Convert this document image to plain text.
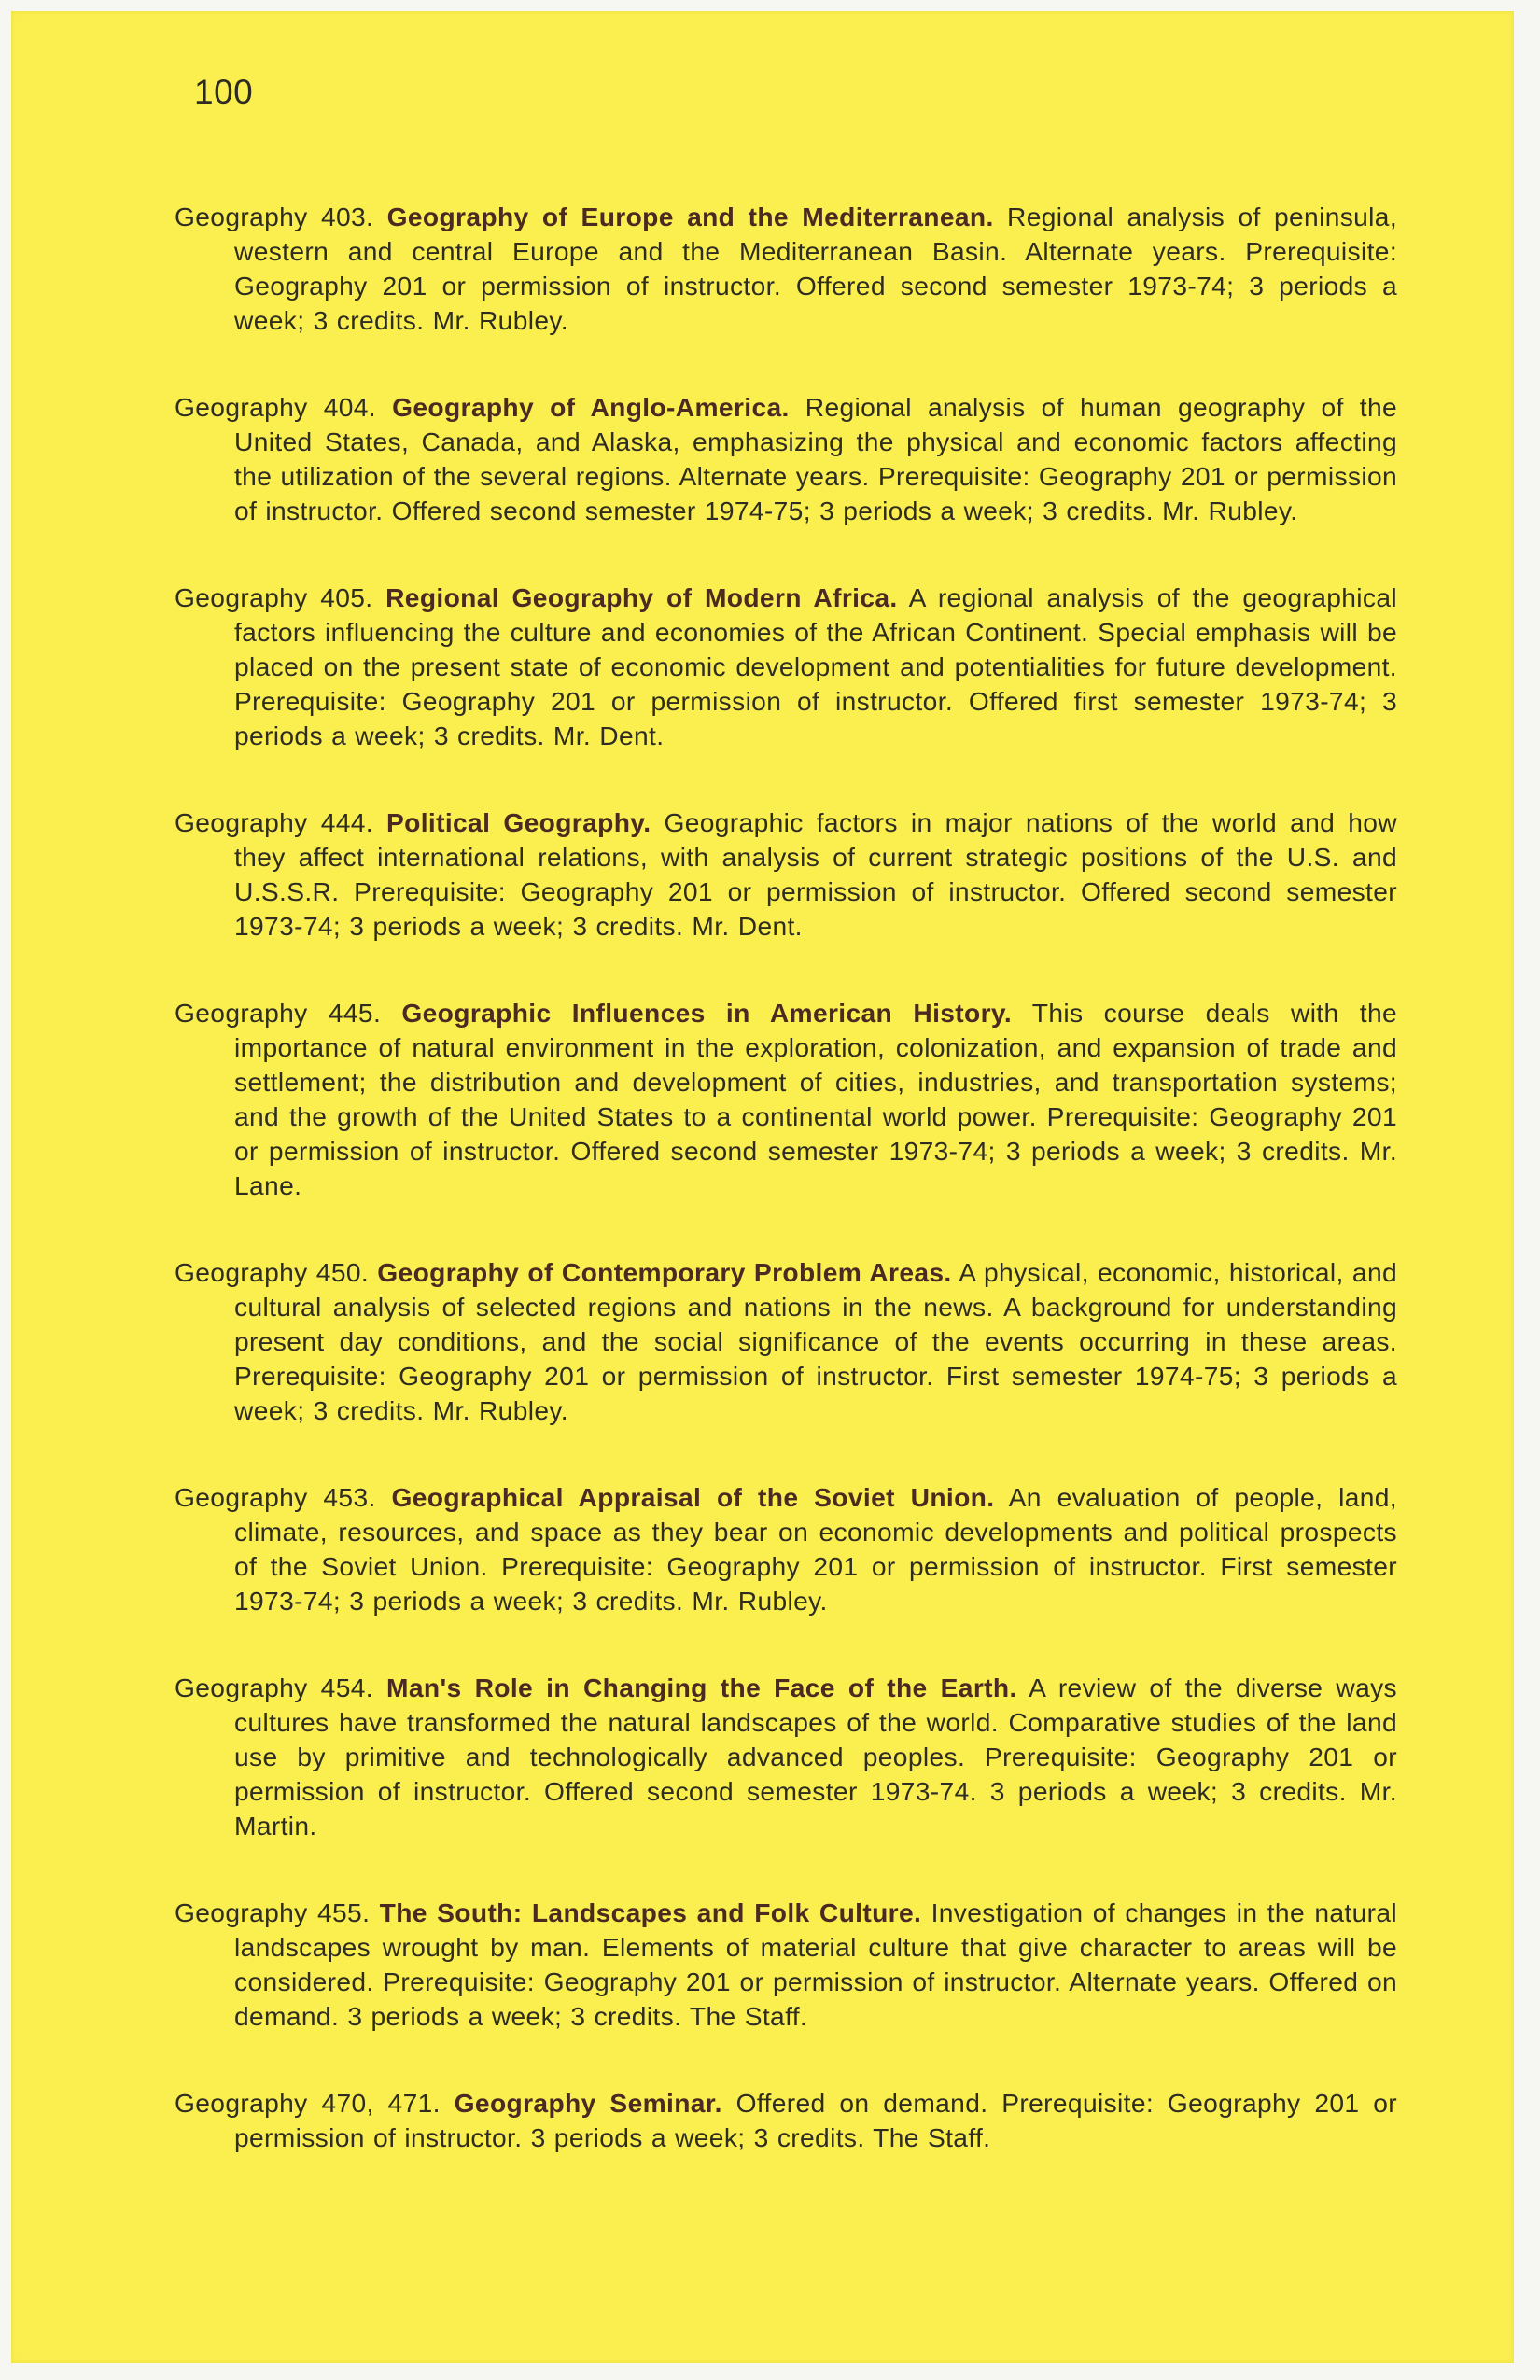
100

Geography 403. Geography of Europe and the Mediterranean. Regional analysis of peninsula, western and central Europe and the Mediterranean Basin. Alternate years. Prerequisite: Geography 201 or permission of instructor. Offered second semester 1973-74; 3 periods a week; 3 credits. Mr. Rubley.

Geography 404. Geography of Anglo-America. Regional analysis of human geography of the United States, Canada, and Alaska, emphasizing the physical and economic factors affecting the utilization of the several regions. Alternate years. Prerequisite: Geography 201 or permission of instructor. Offered second semester 1974-75; 3 periods a week; 3 credits. Mr. Rubley.

Geography 405. Regional Geography of Modern Africa. A regional analysis of the geographical factors influencing the culture and economies of the African Continent. Special emphasis will be placed on the present state of economic development and potentialities for future development. Prerequisite: Geography 201 or permission of instructor. Offered first semester 1973-74; 3 periods a week; 3 credits. Mr. Dent.

Geography 444. Political Geography. Geographic factors in major nations of the world and how they affect international relations, with analysis of current strategic positions of the U.S. and U.S.S.R. Prerequisite: Geography 201 or permission of instructor. Offered second semester 1973-74; 3 periods a week; 3 credits. Mr. Dent.

Geography 445. Geographic Influences in American History. This course deals with the importance of natural environment in the exploration, colonization, and expansion of trade and settlement; the distribution and development of cities, industries, and transportation systems; and the growth of the United States to a continental world power. Prerequisite: Geography 201 or permission of instructor. Offered second semester 1973-74; 3 periods a week; 3 credits. Mr. Lane.

Geography 450. Geography of Contemporary Problem Areas. A physical, economic, historical, and cultural analysis of selected regions and nations in the news. A background for understanding present day conditions, and the social significance of the events occurring in these areas. Prerequisite: Geography 201 or permission of instructor. First semester 1974-75; 3 periods a week; 3 credits. Mr. Rubley.

Geography 453. Geographical Appraisal of the Soviet Union. An evaluation of people, land, climate, resources, and space as they bear on economic developments and political prospects of the Soviet Union. Prerequisite: Geography 201 or permission of instructor. First semester 1973-74; 3 periods a week; 3 credits. Mr. Rubley.

Geography 454. Man's Role in Changing the Face of the Earth. A review of the diverse ways cultures have transformed the natural landscapes of the world. Comparative studies of the land use by primitive and technologically advanced peoples. Prerequisite: Geography 201 or permission of instructor. Offered second semester 1973-74. 3 periods a week; 3 credits. Mr. Martin.

Geography 455. The South: Landscapes and Folk Culture. Investigation of changes in the natural landscapes wrought by man. Elements of material culture that give character to areas will be considered. Prerequisite: Geography 201 or permission of instructor. Alternate years. Offered on demand. 3 periods a week; 3 credits. The Staff.

Geography 470, 471. Geography Seminar. Offered on demand. Prerequisite: Geography 201 or permission of instructor. 3 periods a week; 3 credits. The Staff.
